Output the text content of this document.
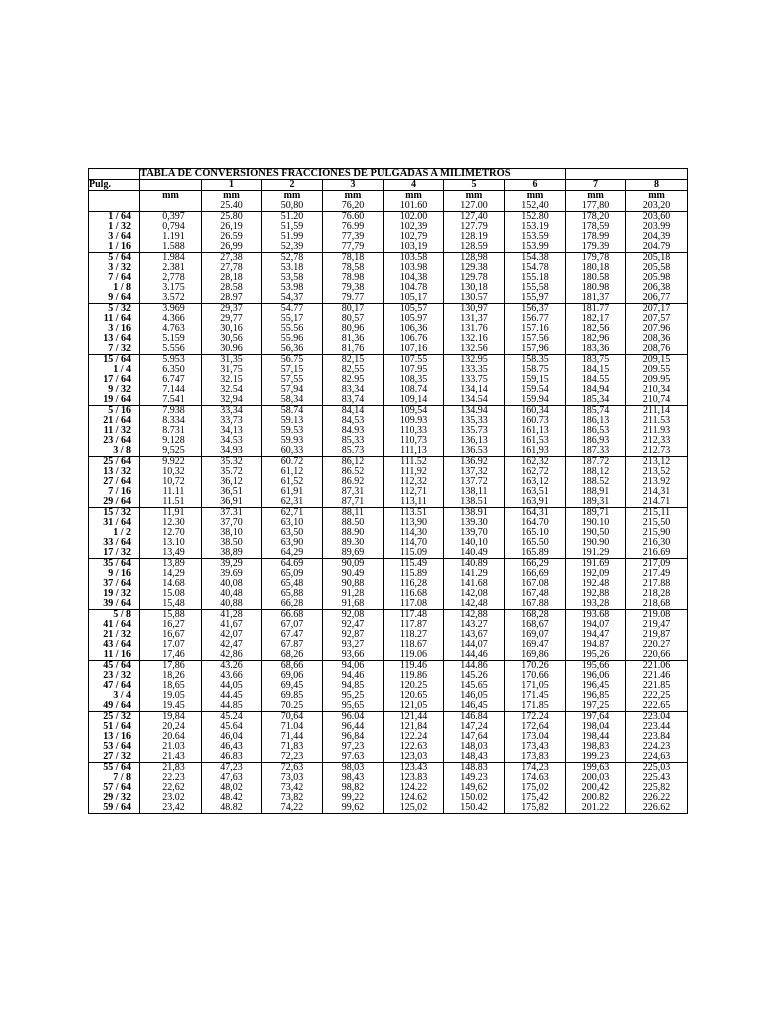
	TABLA DE CONVERSIONES FRACCIONES DE PULGADAS A MILIMETROS								
Pulg.		1	2	3	4	5	6	7	8
	mm	mm	mm	mm	mm	mm	mm	mm	mm
		25.40	50,80	76,20	101.60	127.00	152,40	177,80	203,20
1 / 64	0,397	25.80	51.20	76.60	102.00	127,40	152.80	178,20	203,60
1 / 32	0,794	26,19	51,59	76.99	102,39	127.79	153.19	178,59	203.99
3 / 64	1.191	26.59	51.99	77,39	102,79	128.19	153.59	178.99	204,39
1 / 16	1.588	26,99	52,39	77,79	103,19	128.59	153.99	179.39	204.79
5 / 64	1.984	27,38	52,78	78,18	103.58	128,98	154.38	179,78	205,18
3 / 32	2.381	27,78	53.18	78,58	103.98	129.38	154.78	180,18	205,58
7 / 64	2,778	28,18	53,58	78.98	104,38	129.78	155.18	180.58	205.98
1 / 8	3.175	28.58	53.98	79,38	104.78	130,18	155,58	180.98	206,38
9 / 64	3.572	28.97	54,37	79.77	105,17	130.57	155,97	181,37	206,77
5 / 32	3.969	29,37	54.77	80,17	105,57	130,97	156,37	181.77	207,17
11 / 64	4.366	29,77	55,17	80,57	105.97	131,37	156.77	182,17	207,57
3 / 16	4.763	30,16	55.56	80,96	106,36	131.76	157.16	182,56	207.96
13 / 64	5.159	30,56	55.96	81,36	106.76	132.16	157.56	182,96	208,36
7 / 32	5.556	30.96	56,36	81,76	107,16	132.56	157,96	183,36	208,76
15 / 64	5.953	31,35	56.75	82,15	107.55	132.95	158.35	183,75	209,15
1 / 4	6.350	31,75	57,15	82,55	107.95	133.35	158.75	184,15	209.55
17 / 64	6.747	32.15	57,55	82.95	108,35	133.75	159,15	184.55	209.95
9 / 32	7.144	32.54	57,94	83,34	108.74	134,14	159.54	184,94	210,34
19 / 64	7.541	32,94	58,34	83,74	109,14	134.54	159.94	185,34	210,74
5 / 16	7.938	33,34	58.74	84,14	109,54	134.94	160,34	185,74	211,14
21 / 64	8.334	33,73	59.13	84,53	109.93	135,33	160.73	186,13	211.53
11 / 32	8.731	34,13	59.53	84.93	110,33	135.73	161,13	186,53	211.93
23 / 64	9.128	34.53	59.93	85,33	110,73	136,13	161,53	186,93	212,33
3 / 8	9,525	34.93	60,33	85.73	111,13	136.53	161,93	187.33	212.73
25 / 64	9.922	35.32	60.72	86,12	111.52	136.92	162,32	187.72	213,12
13 / 32	10,32	35.72	61,12	86.52	111,92	137,32	162,72	188,12	213,52
27 / 64	10,72	36,12	61,52	86.92	112,32	137.72	163,12	188.52	213.92
7 / 16	11.11	36,51	61,91	87,31	112,71	138,11	163,51	188,91	214,31
29 / 64	11.51	36,91	62,31	87,71	113,11	138.51	163,91	189,31	214.71
15 / 32	11,91	37.31	62,71	88,11	113.51	138.91	164,31	189,71	215,11
31 / 64	12.30	37,70	63,10	88.50	113,90	139.30	164.70	190.10	215,50
1 / 2	12.70	38,10	63,50	88.90	114,30	139,70	165.10	190,50	215,90
33 / 64	13.10	38.50	63,90	89.30	114,70	140,10	165.50	190.90	216,30
17 / 32	13,49	38,89	64,29	89,69	115.09	140.49	165.89	191.29	216.69
35 / 64	13,89	39,29	64.69	90,09	115.49	140.89	166,29	191.69	217,09
9 / 16	14,29	39.69	65,09	90.49	115.89	141.29	166,69	192,09	217.49
37 / 64	14.68	40,08	65,48	90,88	116,28	141.68	167.08	192.48	217.88
19 / 32	15.08	40,48	65,88	91,28	116.68	142,08	167,48	192,88	218,28
39 / 64	15,48	40,88	66,28	91,68	117.08	142,48	167.88	193,28	218,68
5 / 8	15,88	41,28	66.68	92,08	117.48	142,88	168,28	193.68	219.08
41 / 64	16,27	41,67	67,07	92,47	117.87	143.27	168,67	194,07	219,47
21 / 32	16,67	42,07	67.47	92,87	118.27	143,67	169,07	194,47	219,87
43 / 64	17.07	42,47	67.87	93,27	118.67	144,07	169.47	194.87	220.27
11 / 16	17,46	42,86	68,26	93,66	119.06	144,46	169,86	195,26	220,66
45 / 64	17,86	43.26	68,66	94,06	119.46	144.86	170.26	195,66	221.06
23 / 32	18,26	43.66	69,06	94,46	119.86	145.26	170.66	196,06	221.46
47 / 64	18,65	44,05	69,45	94,85	120.25	145.65	171,05	196,45	221.85
3 / 4	19.05	44.45	69.85	95,25	120.65	146,05	171.45	196,85	222,25
49 / 64	19.45	44.85	70.25	95,65	121,05	146,45	171.85	197,25	222.65
25 / 32	19,84	45.24	70,64	96.04	121,44	146.84	172.24	197,64	223.04
51 / 64	20,24	45.64	71.04	96,44	121,84	147,24	172,64	198,04	223.44
13 / 16	20.64	46,04	71,44	96,84	122.24	147,64	173.04	198,44	223.84
53 / 64	21.03	46,43	71,83	97,23	122.63	148,03	173,43	198,83	224.23
27 / 32	21.43	46.83	72,23	97.63	123,03	148,43	173,83	199.23	224,63
55 / 64	21,83	47,23	72,63	98,03	123.43	148.83	174,23	199,63	225,03
7 / 8	22.23	47,63	73,03	98,43	123.83	149.23	174.63	200,03	225.43
57 / 64	22,62	48,02	73,42	98,82	124.22	149,62	175,02	200,42	225,82
29 / 32	23.02	48.42	73,82	99,22	124.62	150.02	175,42	200.82	226.22
59 / 64	23,42	48.82	74,22	99,62	125,02	150.42	175,82	201.22	226.62
